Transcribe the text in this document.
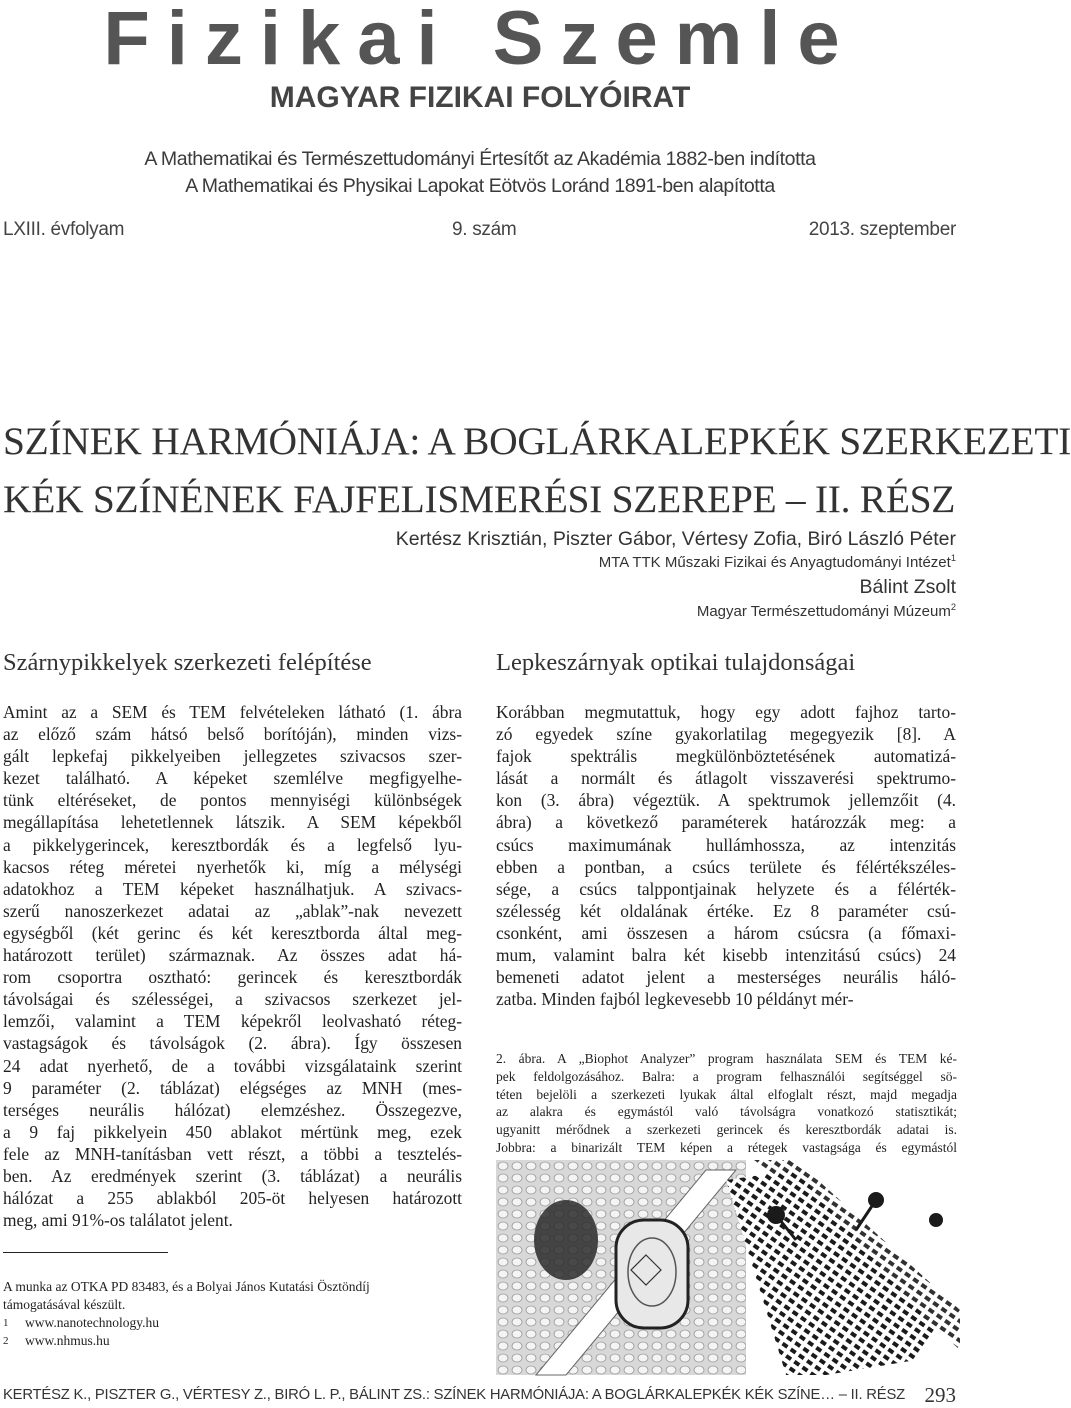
Fizikai Szemle
MAGYAR FIZIKAI FOLYÓIRAT
A Mathematikai és Természettudományi Értesítőt az Akadémia 1882-ben indította
A Mathematikai és Physikai Lapokat Eötvös Loránd 1891-ben alapította
LXIII. évfolyam	9. szám	2013. szeptember
SZÍNEK HARMÓNIÁJA: A BOGLÁRKALEPKÉK SZERKEZETI
KÉK SZÍNÉNEK FAJFELISMERÉSI SZEREPE – II. RÉSZ
Kertész Krisztián, Piszter Gábor, Vértesy Zofia, Biró László Péter
MTA TTK Műszaki Fizikai és Anyagtudományi Intézet$^1$
Bálint Zsolt
Magyar Természettudományi Múzeum$^2$
Szárnypikkelyek szerkezeti felépítése	Lepkeszárnyak optikai tulajdonságai
Amint az a SEM és TEM felvételeken látható (1. ábra
az előző szám hátsó belső borítóján), minden vizs-
gált lepkefaj pikkelyeiben jellegzetes szivacsos szer-
kezet található. A képeket szemlélve megfigyelhe-
tünk eltéréseket, de pontos mennyiségi különbségek
megállapítása lehetetlennek látszik. A SEM képekből
a pikkelygerincek, keresztbordák és a legfelső lyu-
kacsos réteg méretei nyerhetők ki, míg a mélységi
adatokhoz a TEM képeket használhatjuk. A szivacs-
szerű nanoszerkezet adatai az „ablak”-nak nevezett
egységből (két gerinc és két keresztborda által meg-
határozott terület) származnak. Az összes adat há-
rom csoportra osztható: gerincek és keresztbordák
távolságai és szélességei, a szivacsos szerkezet jel-
lemzői, valamint a TEM képekről leolvasható réteg-
vastagságok és távolságok (2. ábra). Így összesen
24 adat nyerhető, de a további vizsgálataink szerint
9 paraméter (2. táblázat) elégséges az MNH (mes-
terséges neurális hálózat) elemzéshez. Összegezve,
a 9 faj pikkelyein 450 ablakot mértünk meg, ezek
fele az MNH-tanításban vett részt, a többi a tesztelés-
ben. Az eredmények szerint (3. táblázat) a neurális
hálózat a 255 ablakból 205-öt helyesen határozott
meg, ami 91%-os találatot jelent.
Korábban megmutattuk, hogy egy adott fajhoz tarto-
zó egyedek színe gyakorlatilag megegyezik [8]. A
fajok spektrális megkülönböztetésének automatizá-
lását a normált és átlagolt visszaverési spektrumo-
kon (3. ábra) végeztük. A spektrumok jellemzőit (4.
ábra) a következő paraméterek határozzák meg: a
csúcs maximumának hullámhossza, az intenzitás
ebben a pontban, a csúcs területe és félértékszéles-
sége, a csúcs talppontjainak helyzete és a félérték-
szélesség két oldalának értéke. Ez 8 paraméter csú-
csonként, ami összesen a három csúcsra (a főmaxi-
mum, valamint balra két kisebb intenzitású csúcs) 24
bemeneti adatot jelent a mesterséges neurális háló-
zatba. Minden fajból legkevesebb 10 példányt mér-
2. ábra. A „Biophot Analyzer” program használata SEM és TEM ké-
pek feldolgozásához. Balra: a program felhasználói segítséggel sö-
téten bejelöli a szerkezeti lyukak által elfoglalt részt, majd megadja
az alakra és egymástól való távolságra vonatkozó statisztikát;
ugyanitt mérődnek a szerkezeti gerincek és keresztbordák adatai is.
Jobbra: a binarizált TEM képen a rétegek vastagsága és egymástól
A munka az OTKA PD 83483, és a Bolyai János Kutatási Ösztöndíj
támogatásával készült.
1 www.nanotechnology.hu
2 www.nhmus.hu
KERTÉSZ K., PISZTER G., VÉRTESY Z., BIRÓ L. P., BÁLINT ZS.: SZÍNEK HARMÓNIÁJA: A BOGLÁRKALEPKÉK KÉK SZÍNE… – II. RÉSZ 293
